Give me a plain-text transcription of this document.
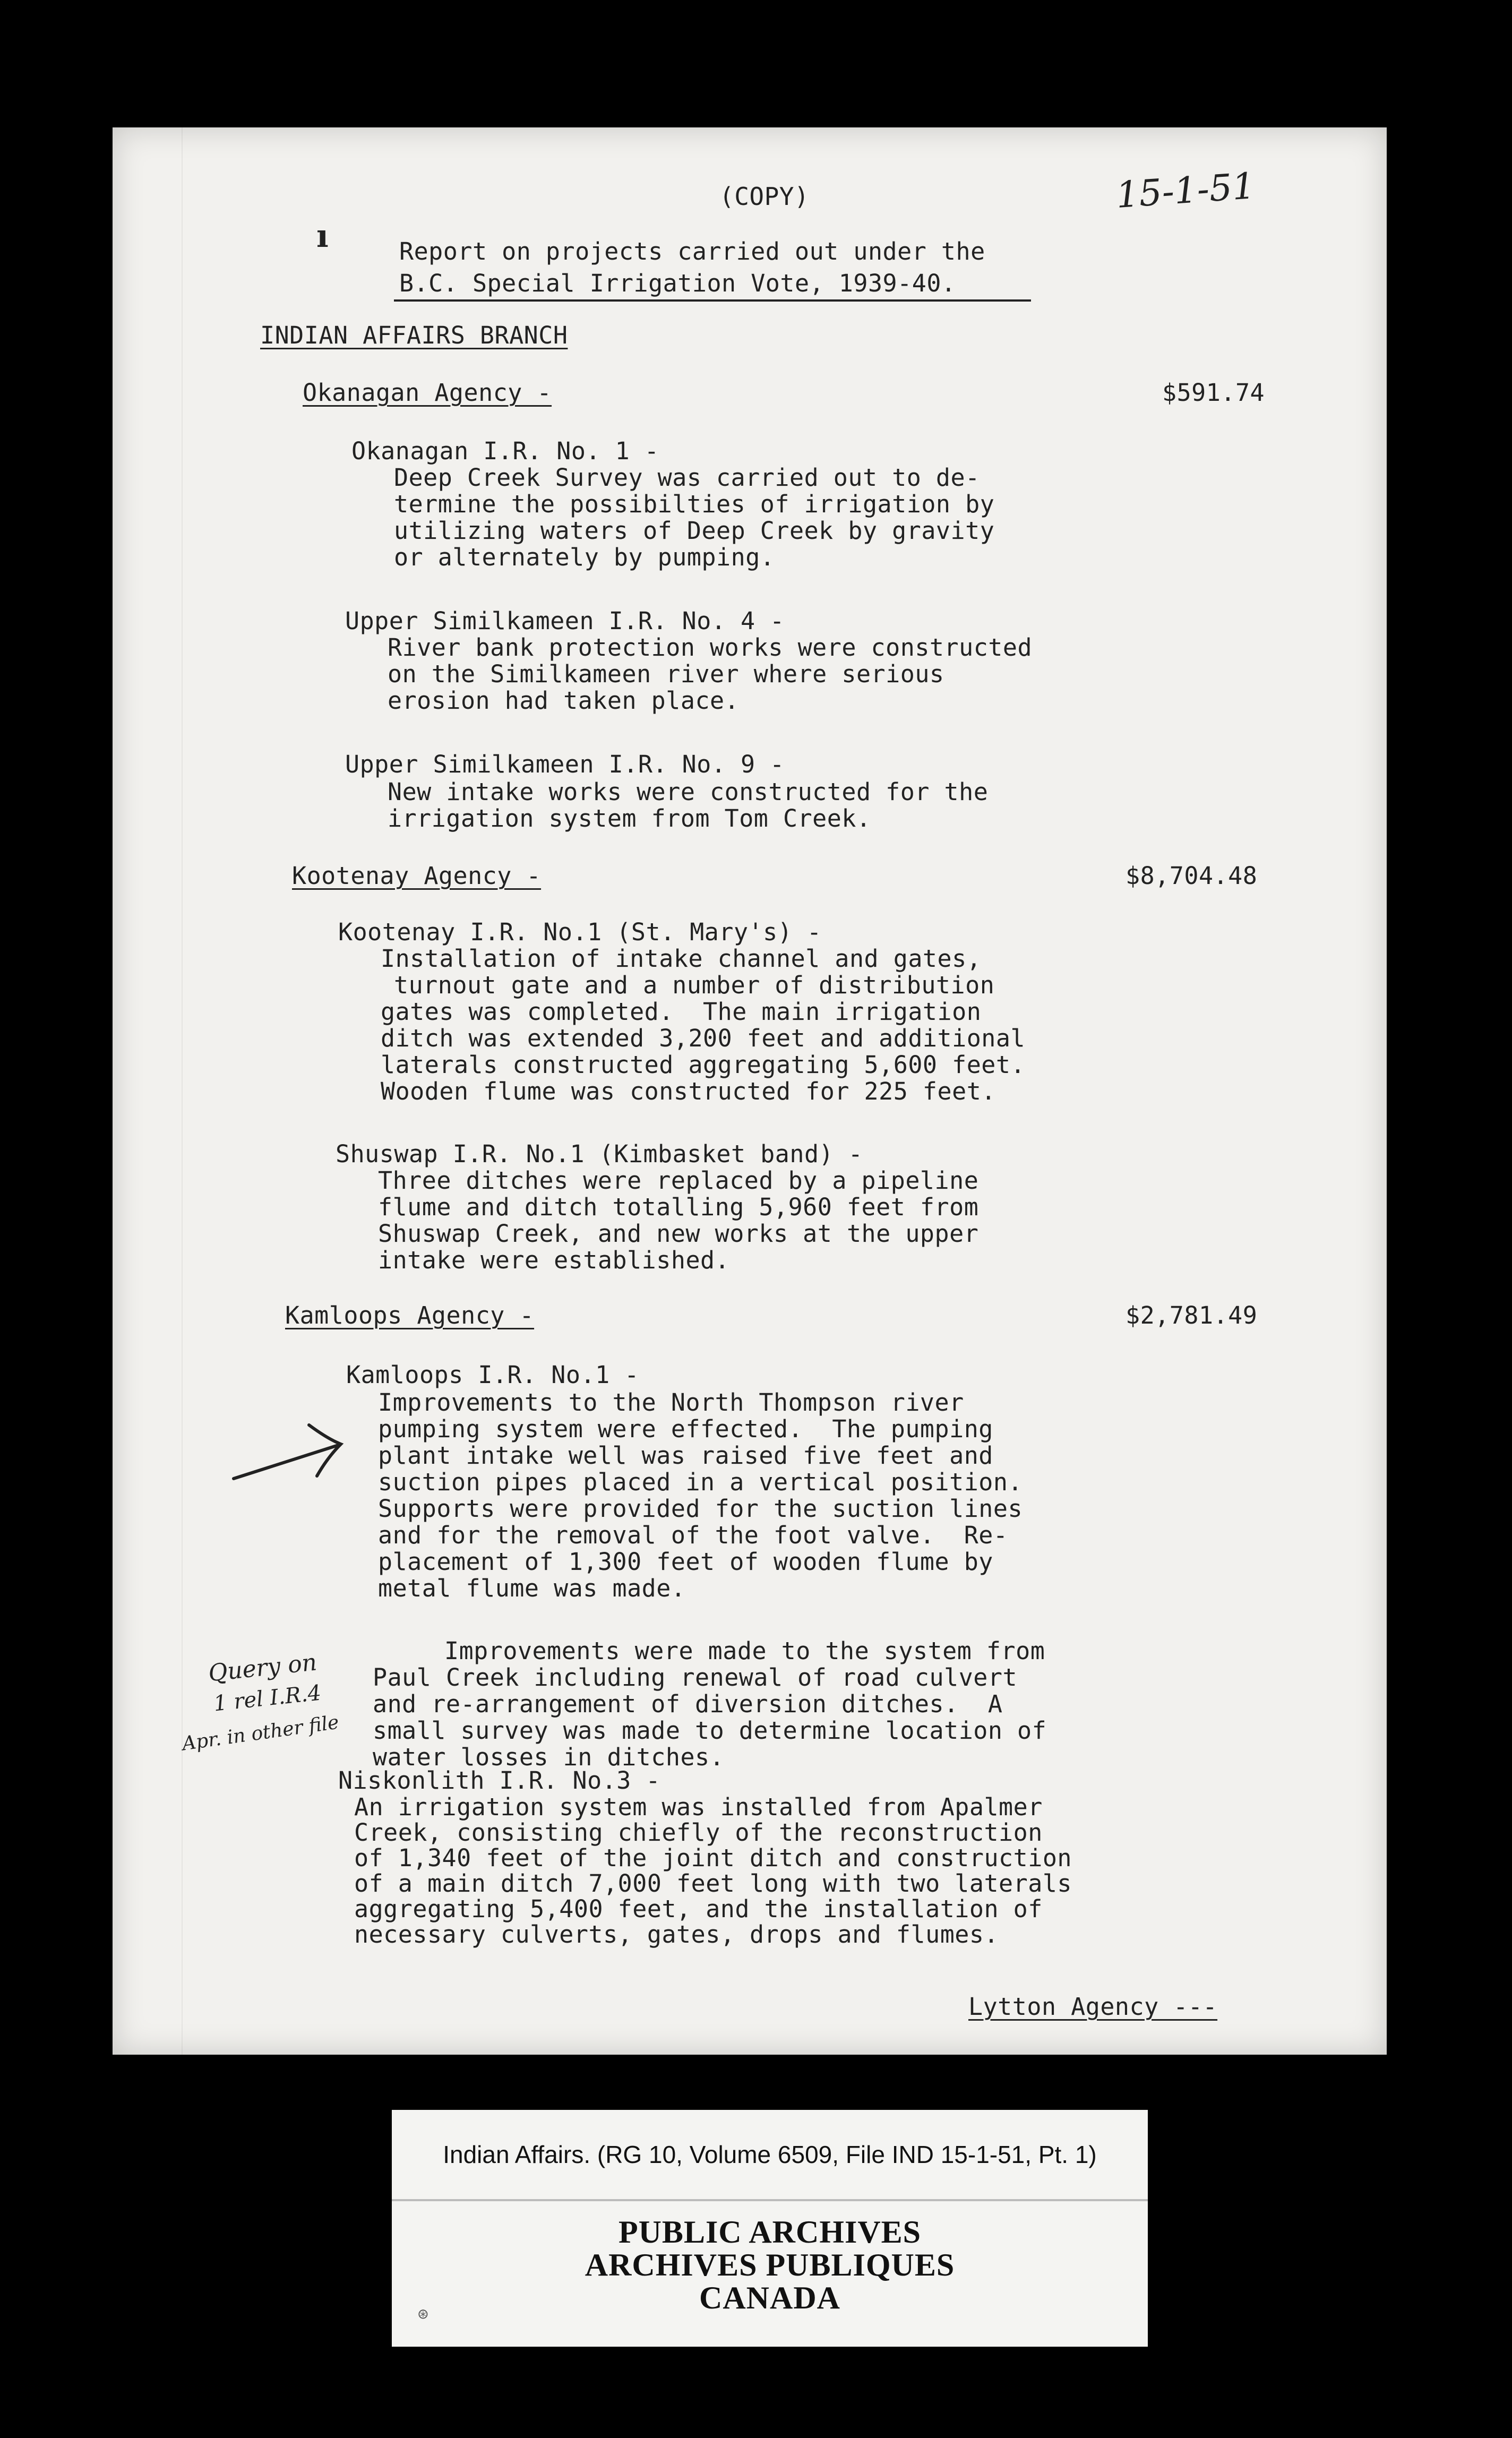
(COPY)	15-1-51
ı	Report on projects carried out under the
B.C. Special Irrigation Vote, 1939-40.
INDIAN AFFAIRS BRANCH
Okanagan Agency -	$591.74
Okanagan I.R. No. 1 -
Deep Creek Survey was carried out to de-
termine the possibilties of irrigation by
utilizing waters of Deep Creek by gravity
or alternately by pumping.
Upper Similkameen I.R. No. 4 -
River bank protection works were constructed
on the Similkameen river where serious
erosion had taken place.
Upper Similkameen I.R. No. 9 -
New intake works were constructed for the
irrigation system from Tom Creek.
Kootenay Agency -	$8,704.48
Kootenay I.R. No.1 (St. Mary's) -
Installation of intake channel and gates,
turnout gate and a number of distribution
gates was completed.  The main irrigation
ditch was extended 3,200 feet and additional
laterals constructed aggregating 5,600 feet.
Wooden flume was constructed for 225 feet.
Shuswap I.R. No.1 (Kimbasket band) -
Three ditches were replaced by a pipeline
flume and ditch totalling 5,960 feet from
Shuswap Creek, and new works at the upper
intake were established.
Kamloops Agency -	$2,781.49
Kamloops I.R. No.1 -
Improvements to the North Thompson river
pumping system were effected.  The pumping
plant intake well was raised five feet and
suction pipes placed in a vertical position.
Supports were provided for the suction lines
and for the removal of the foot valve.  Re-
placement of 1,300 feet of wooden flume by
metal flume was made.
Improvements were made to the system from
Paul Creek including renewal of road culvert
and re-arrangement of diversion ditches.  A
small survey was made to determine location of
water losses in ditches.
Query on
1 rel I.R.4
Apr. in other file
Niskonlith I.R. No.3 -
An irrigation system was installed from Apalmer
Creek, consisting chiefly of the reconstruction
of 1,340 feet of the joint ditch and construction
of a main ditch 7,000 feet long with two laterals
aggregating 5,400 feet, and the installation of
necessary culverts, gates, drops and flumes.
Lytton Agency ---
Indian Affairs. (RG 10, Volume 6509, File IND 15-1-51, Pt. 1)
PUBLIC ARCHIVES
ARCHIVES PUBLIQUES
CANADA
⊛
